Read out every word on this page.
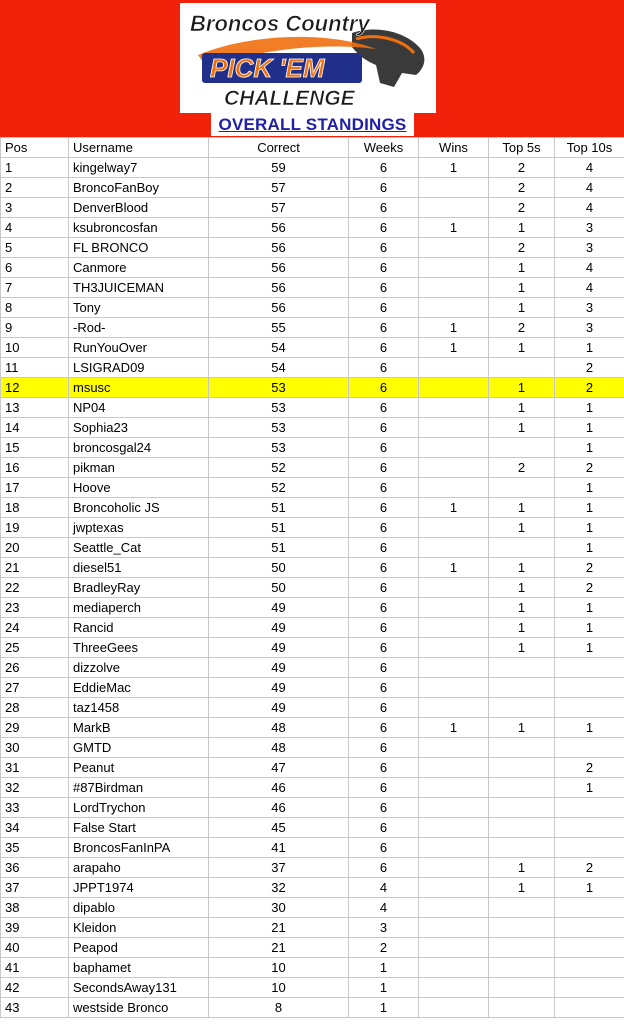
Broncos Country
PICK 'EM
CHALLENGE
OVERALL STANDINGS
Pos	Username	Correct	Weeks	Wins	Top 5s	Top 10s
1	kingelway7	59	6	1	2	4
2	BroncoFanBoy	57	6		2	4
3	DenverBlood	57	6		2	4
4	ksubroncosfan	56	6	1	1	3
5	FL BRONCO	56	6		2	3
6	Canmore	56	6		1	4
7	TH3JUICEMAN	56	6		1	4
8	Tony	56	6		1	3
9	-Rod-	55	6	1	2	3
10	RunYouOver	54	6	1	1	1
11	LSIGRAD09	54	6			2
12	msusc	53	6		1	2
13	NP04	53	6		1	1
14	Sophia23	53	6		1	1
15	broncosgal24	53	6			1
16	pikman	52	6		2	2
17	Hoove	52	6			1
18	Broncoholic JS	51	6	1	1	1
19	jwptexas	51	6		1	1
20	Seattle_Cat	51	6			1
21	diesel51	50	6	1	1	2
22	BradleyRay	50	6		1	2
23	mediaperch	49	6		1	1
24	Rancid	49	6		1	1
25	ThreeGees	49	6		1	1
26	dizzolve	49	6			
27	EddieMac	49	6			
28	taz1458	49	6			
29	MarkB	48	6	1	1	1
30	GMTD	48	6			
31	Peanut	47	6			2
32	#87Birdman	46	6			1
33	LordTrychon	46	6			
34	False Start	45	6			
35	BroncosFanInPA	41	6			
36	arapaho	37	6		1	2
37	JPPT1974	32	4		1	1
38	dipablo	30	4			
39	Kleidon	21	3			
40	Peapod	21	2			
41	baphamet	10	1			
42	SecondsAway131	10	1			
43	westside Bronco	8	1			
